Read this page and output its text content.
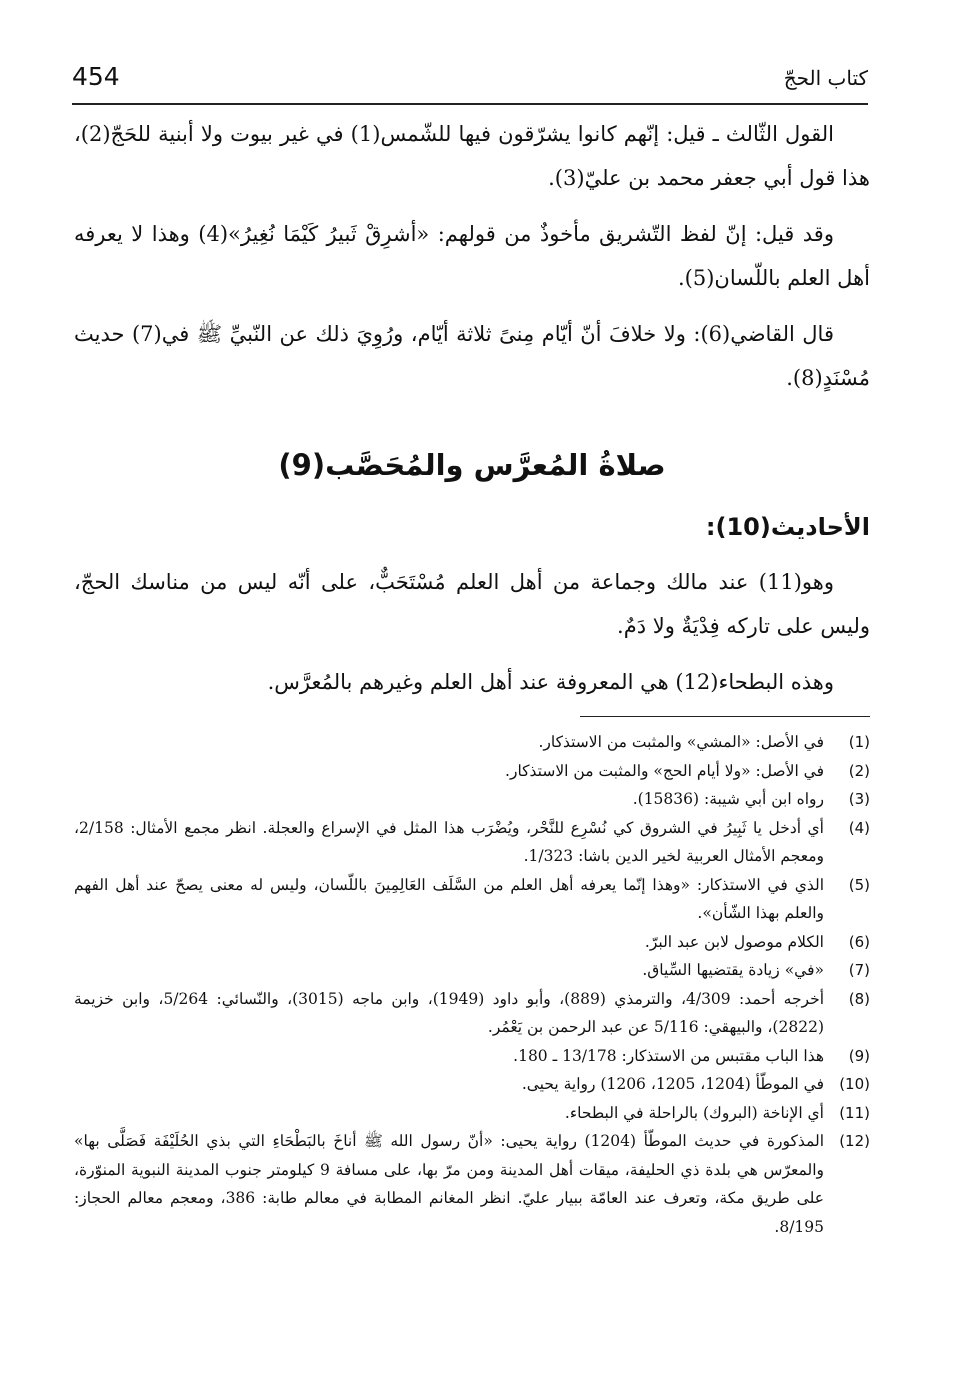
454	كتاب الحجّ

القول الثّالث ـ قيل: إنّهم كانوا يشرّقون فيها للشّمس(1) في غير بيوت ولا أبنية للحَجّ(2)، هذا قول أبي جعفر محمد بن عليّ(3).

وقد قيل: إنّ لفظ التّشريق مأخوذٌ من قولهم: «أشرِقْ ثَبيرُ كَيْمَا نُغِيرُ»(4) وهذا لا يعرفه أهل العلم باللّسان(5).

قال القاضي(6): ولا خلافَ أنّ أيّام مِنىً ثلاثة أيّام، ورُوِيَ ذلك عن النّبيِّ ﷺ في(7) حديث مُسْنَدٍ(8).

صلاةُ المُعرَّس والمُحَصَّب(9)
الأحاديث(10):

وهو(11) عند مالك وجماعة من أهل العلم مُسْتَحَبٌّ، على أنّه ليس من مناسك الحجّ، وليس على تاركه فِدْيَةٌ ولا دَمٌ.

وهذه البطحاء(12) هي المعروفة عند أهل العلم وغيرهم بالمُعرَّس.

(1)
في الأصل: «المشي» والمثبت من الاستذكار.
(2)
في الأصل: «ولا أيام الحج» والمثبت من الاستذكار.
(3)
رواه ابن أبي شيبة: (15836).
(4)
أي أدخل يا ثَبِيرُ في الشروق كي نُسْرِع للنَّحْر، ويُضْرَب هذا المثل في الإسراع والعجلة. انظر مجمع الأمثال: 2/158، ومعجم الأمثال العربية لخير الدين باشا: 1/323.
(5)
الذي في الاستذكار: «وهذا إنّما يعرفه أهل العلم من السَّلَف العَالِمِينَ باللّسان، وليس له معنى يصحّ عند أهل الفهم والعلم بهذا الشّأن».
(6)
الكلام موصول لابن عبد البرّ.
(7)
«في» زيادة يقتضيها السِّياق.
(8)
أخرجه أحمد: 4/309، والترمذي (889)، وأبو داود (1949)، وابن ماجه (3015)، والنّسائي: 5/264، وابن خزيمة (2822)، والبيهقي: 5/116 عن عبد الرحمن بن يَعْمُر.
(9)
هذا الباب مقتبس من الاستذكار: 13/178 ـ 180.
(10)
في الموطّأ (1204، 1205، 1206) رواية يحيى.
(11)
أي الإناخة (البروك) بالراحلة في البطحاء.
(12)
المذكورة في حديث الموطّأ (1204) رواية يحيى: «أنّ رسول الله ﷺ أناخَ بالبَطْحَاءِ التي بذي الحُلَيْفَة فَصَلَّى بها» والمعرّس هي بلدة ذي الحليفة، ميقات أهل المدينة ومن مرّ بها، على مسافة 9 كيلومتر جنوب المدينة النبوية المنوّرة، على طريق مكة، وتعرف عند العامّة ببيار عليّ. انظر المغانم المطابة في معالم طابة: 386، ومعجم معالم الحجاز: 8/195.
